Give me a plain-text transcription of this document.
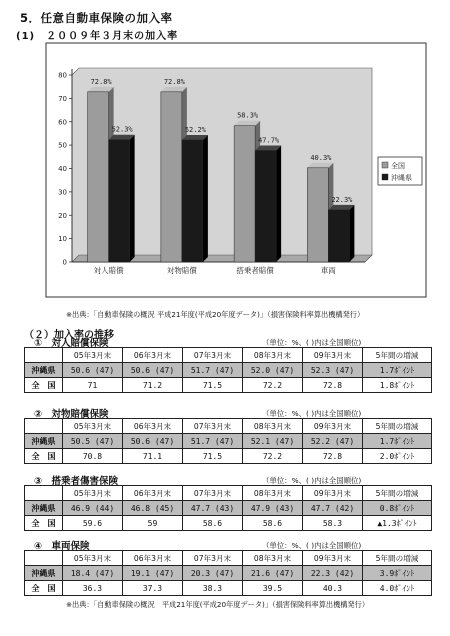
5．任意自動車保険の加入率
(1)　２００９年３月末の加入率
0
10
20
30
40
50
60
70
80
72.8%
52.3%
対人賠償
72.8%
52.2%
対物賠償
58.3%
47.7%
搭乗者賠償
40.3%
22.3%
車両
全国
沖縄県
※出典：「自動車保険の概況 平成21年度(平成20年度データ)」（損害保険料率算出機構発行）
（２）加入率の推移
①　対人賠償保険	（単位：%、( )内は全国順位)
	05年3月末	06年3月末	07年3月末	08年3月末	09年3月末	5年間の増減
沖縄県	50.6 (47)	50.6 (47)	51.7 (47)	52.0 (47)	52.3 (47)	1.7ﾎﾟｲﾝﾄ
全　国	71	71.2	71.5	72.2	72.8	1.8ﾎﾟｲﾝﾄ
②　対物賠償保険	（単位：%、( )内は全国順位)
	05年3月末	06年3月末	07年3月末	08年3月末	09年3月末	5年間の増減
沖縄県	50.5 (47)	50.6 (47)	51.7 (47)	52.1 (47)	52.2 (47)	1.7ﾎﾟｲﾝﾄ
全　国	70.8	71.1	71.5	72.2	72.8	2.0ﾎﾟｲﾝﾄ
③　搭乗者傷害保険	（単位：%、( )内は全国順位)
	05年3月末	06年3月末	07年3月末	08年3月末	09年3月末	5年間の増減
沖縄県	46.9 (44)	46.8 (45)	47.7 (43)	47.9 (43)	47.7 (42)	0.8ﾎﾟｲﾝﾄ
全　国	59.6	59	58.6	58.6	58.3	▲1.3ﾎﾟｲﾝﾄ
④　車両保険	（単位：%、( )内は全国順位)
	05年3月末	06年3月末	07年3月末	08年3月末	09年3月末	5年間の増減
沖縄県	18.4 (47)	19.1 (47)	20.3 (47)	21.6 (47)	22.3 (42)	3.9ﾎﾟｲﾝﾄ
全　国	36.3	37.3	38.3	39.5	40.3	4.0ﾎﾟｲﾝﾄ
※出典：「自動車保険の概況　平成21年度(平成20年度データ)」（損害保険料率算出機構発行）
